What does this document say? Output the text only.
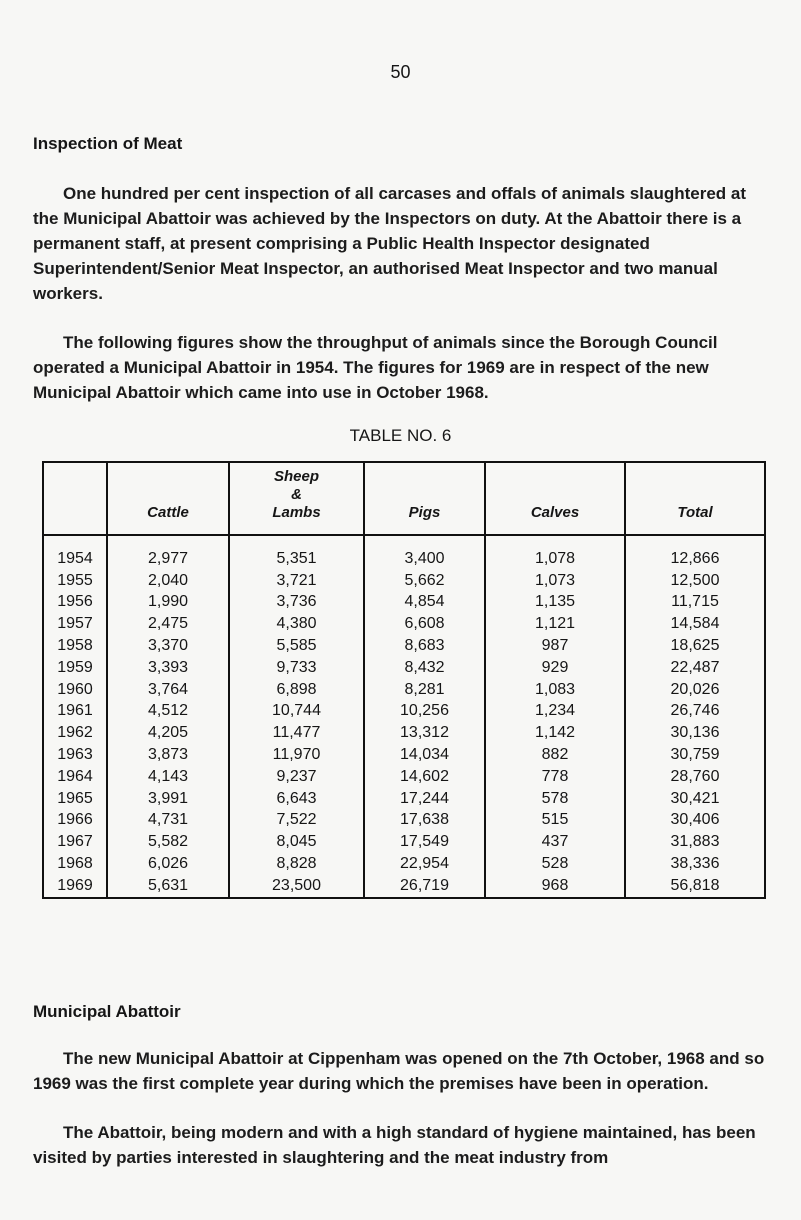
50
Inspection of Meat
One hundred per cent inspection of all carcases and offals of animals slaughtered at the Municipal Abattoir was achieved by the Inspectors on duty. At the Abattoir there is a permanent staff, at present comprising a Public Health Inspector designated Superintendent/Senior Meat Inspector, an authorised Meat Inspector and two manual workers.
The following figures show the throughput of animals since the Borough Council operated a Municipal Abattoir in 1954. The figures for 1969 are in respect of the new Municipal Abattoir which came into use in October 1968.
TABLE NO. 6
	Cattle	Sheep & Lambs	Pigs	Calves	Total
1954	2,977	5,351	3,400	1,078	12,866
1955	2,040	3,721	5,662	1,073	12,500
1956	1,990	3,736	4,854	1,135	11,715
1957	2,475	4,380	6,608	1,121	14,584
1958	3,370	5,585	8,683	987	18,625
1959	3,393	9,733	8,432	929	22,487
1960	3,764	6,898	8,281	1,083	20,026
1961	4,512	10,744	10,256	1,234	26,746
1962	4,205	11,477	13,312	1,142	30,136
1963	3,873	11,970	14,034	882	30,759
1964	4,143	9,237	14,602	778	28,760
1965	3,991	6,643	17,244	578	30,421
1966	4,731	7,522	17,638	515	30,406
1967	5,582	8,045	17,549	437	31,883
1968	6,026	8,828	22,954	528	38,336
1969	5,631	23,500	26,719	968	56,818
Municipal Abattoir
The new Municipal Abattoir at Cippenham was opened on the 7th October, 1968 and so 1969 was the first complete year during which the premises have been in operation.
The Abattoir, being modern and with a high standard of hygiene maintained, has been visited by parties interested in slaughtering and the meat industry from
